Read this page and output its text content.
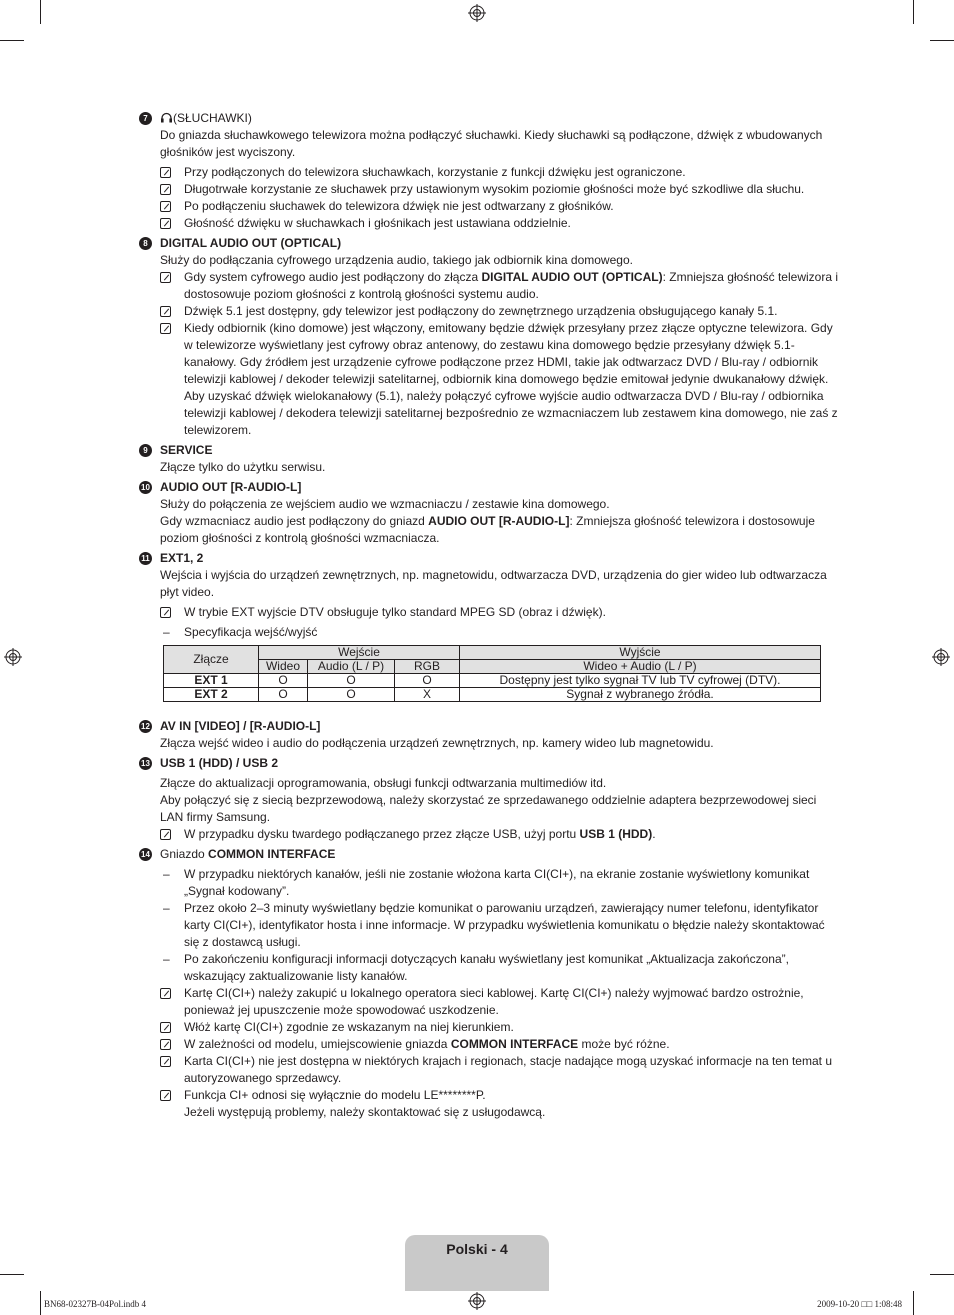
7	(SŁUCHAWKI)

Do gniazda słuchawkowego telewizora można podłączyć słuchawki. Kiedy słuchawki są podłączone, dźwięk z wbudowanych głośników jest wyciszony.

Przy podłączonych do telewizora słuchawkach, korzystanie z funkcji dźwięku jest ograniczone.
Długotrwałe korzystanie ze słuchawek przy ustawionym wysokim poziomie głośności może być szkodliwe dla słuchu.
Po podłączeniu słuchawek do telewizora dźwięk nie jest odtwarzany z głośników.
Głośność dźwięku w słuchawkach i głośnikach jest ustawiana oddzielnie.
8	DIGITAL AUDIO OUT (OPTICAL)

Służy do podłączania cyfrowego urządzenia audio, takiego jak odbiornik kina domowego.

Gdy system cyfrowego audio jest podłączony do złącza DIGITAL AUDIO OUT (OPTICAL): Zmniejsza głośność telewizora i dostosowuje poziom głośności z kontrolą głośności systemu audio.
Dźwięk 5.1 jest dostępny, gdy telewizor jest podłączony do zewnętrznego urządzenia obsługującego kanały 5.1.
Kiedy odbiornik (kino domowe) jest włączony, emitowany będzie dźwięk przesyłany przez złącze optyczne telewizora. Gdy w telewizorze wyświetlany jest cyfrowy obraz antenowy, do zestawu kina domowego będzie przesyłany dźwięk 5.1-kanałowy. Gdy źródłem jest urządzenie cyfrowe podłączone przez HDMI, takie jak odtwarzacz DVD / Blu-ray / odbiornik telewizji kablowej / dekoder telewizji satelitarnej, odbiornik kina domowego będzie emitował jedynie dwukanałowy dźwięk. Aby uzyskać dźwięk wielokanałowy (5.1), należy połączyć cyfrowe wyjście audio odtwarzacza DVD / Blu-ray / odbiornika telewizji kablowej / dekodera telewizji satelitarnej bezpośrednio ze wzmacniaczem lub zestawem kina domowego, nie zaś z telewizorem.
9	SERVICE

Złącze tylko do użytku serwisu.

10 AUDIO OUT [R-AUDIO-L]

Służy do połączenia ze wejściem audio we wzmacniaczu / zestawie kina domowego.

Gdy wzmacniacz audio jest podłączony do gniazd AUDIO OUT [R-AUDIO-L]: Zmniejsza głośność telewizora i dostosowuje poziom głośności z kontrolą głośności wzmacniacza.

11 EXT1, 2

Wejścia i wyjścia do urządzeń zewnętrznych, np. magnetowidu, odtwarzacza DVD, urządzenia do gier wideo lub odtwarzacza płyt video.

W trybie EXT wyjście DTV obsługuje tylko standard MPEG SD (obraz i dźwięk).
– Specyfikacja wejść/wyjść
Złącze	Wejście			Wyjście
	Wideo	Audio (L / P)	RGB	Wideo + Audio (L / P)
EXT 1	O	O	O	Dostępny jest tylko sygnał TV lub TV cyfrowej (DTV).
EXT 2	O	O	X	Sygnał z wybranego źródła.
12 AV IN [VIDEO] / [R-AUDIO-L]

Złącza wejść wideo i audio do podłączenia urządzeń zewnętrznych, np. kamery wideo lub magnetowidu.

13 USB 1 (HDD) / USB 2

Złącze do aktualizacji oprogramowania, obsługi funkcji odtwarzania multimediów itd.

Aby połączyć się z siecią bezprzewodową, należy skorzystać ze sprzedawanego oddzielnie adaptera bezprzewodowej sieci LAN firmy Samsung.

W przypadku dysku twardego podłączanego przez złącze USB, użyj portu USB 1 (HDD).
14 Gniazdo COMMON INTERFACE
– W przypadku niektórych kanałów, jeśli nie zostanie włożona karta CI(CI+), na ekranie zostanie wyświetlony komunikat „Sygnał kodowany”.
– Przez około 2–3 minuty wyświetlany będzie komunikat o parowaniu urządzeń, zawierający numer telefonu, identyfikator karty CI(CI+), identyfikator hosta i inne informacje. W przypadku wyświetlenia komunikatu o błędzie należy skontaktować się z dostawcą usługi.
– Po zakończeniu konfiguracji informacji dotyczących kanału wyświetlany jest komunikat „Aktualizacja zakończona”, wskazujący zaktualizowanie listy kanałów.
Kartę CI(CI+) należy zakupić u lokalnego operatora sieci kablowej. Kartę CI(CI+) należy wyjmować bardzo ostrożnie, ponieważ jej upuszczenie może spowodować uszkodzenie.
Włóż kartę CI(CI+) zgodnie ze wskazanym na niej kierunkiem.
W zależności od modelu, umiejscowienie gniazda COMMON INTERFACE może być różne.
Karta CI(CI+) nie jest dostępna w niektórych krajach i regionach, stacje nadające mogą uzyskać informacje na ten temat u autoryzowanego sprzedawcy.
Funkcja CI+ odnosi się wyłącznie do modelu LE********P.
Jeżeli występują problemy, należy skontaktować się z usługodawcą.
Polski - 4
BN68-02327B-04Pol.indb 4	2009-10-20 □□ 1:08:48
